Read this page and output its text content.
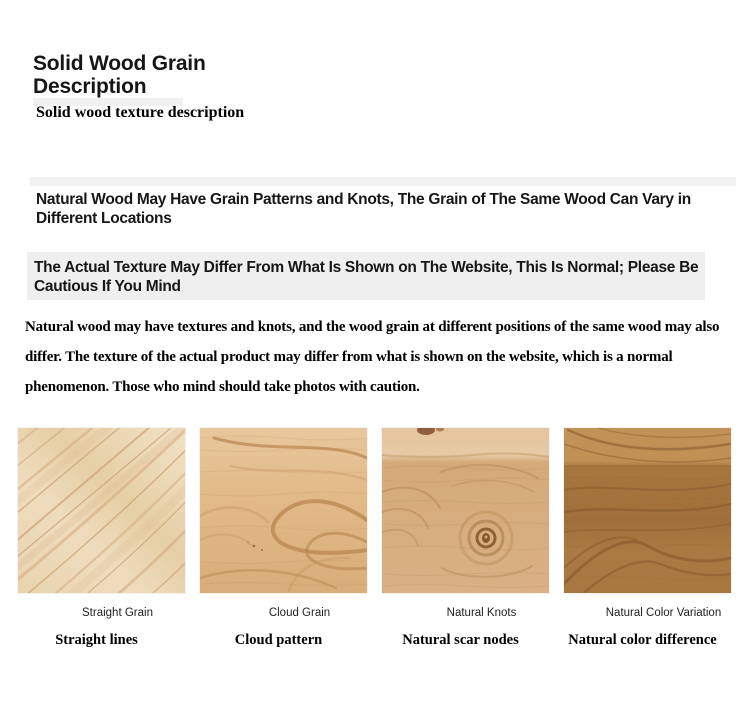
Solid Wood Grain Description
Solid wood texture description
Natural Wood May Have Grain Patterns and Knots, The Grain of The Same Wood Can Vary in Different Locations
The Actual Texture May Differ From What Is Shown on The Website, This Is Normal; Please Be Cautious If You Mind

Natural wood may have textures and knots, and the wood grain at different positions of the same wood may also differ. The texture of the actual product may differ from what is shown on the website, which is a normal phenomenon. Those who mind should take photos with caution.

Straight Grain
Straight lines
Cloud Grain
Cloud pattern
Natural Knots
Natural scar nodes
Natural Color Variation
Natural color difference
